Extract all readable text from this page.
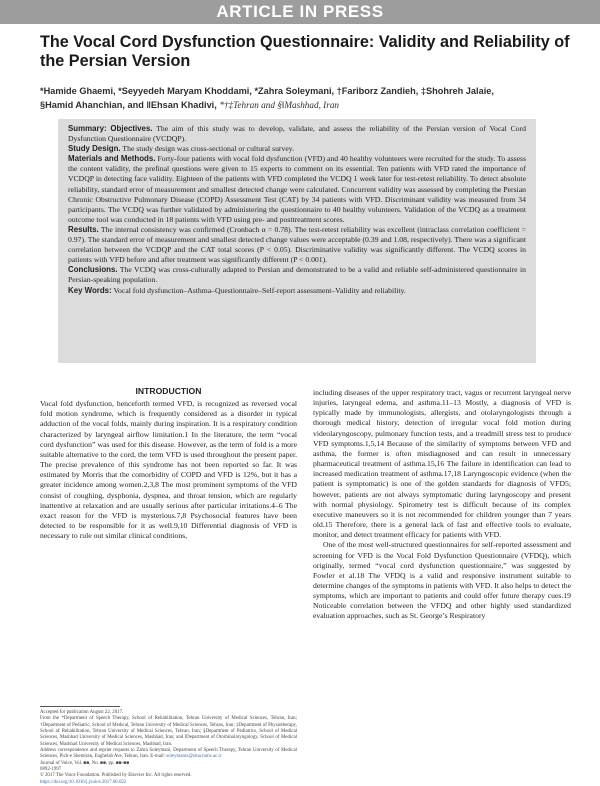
ARTICLE IN PRESS
The Vocal Cord Dysfunction Questionnaire: Validity and Reliability of the Persian Version
*Hamide Ghaemi, *Seyyedeh Maryam Khoddami, *Zahra Soleymani, †Fariborz Zandieh, ‡Shohreh Jalaie,
§Hamid Ahanchian, and ‖Ehsan Khadivi, *†‡Tehran and §‖Mashhad, Iran

Summary: Objectives. The aim of this study was to develop, validate, and assess the reliability of the Persian version of Vocal Cord Dysfunction Questionnaire (VCDQP).

Study Design. The study design was cross-sectional or cultural survey.

Materials and Methods. Forty-four patients with vocal fold dysfunction (VFD) and 40 healthy volunteers were recruited for the study. To assess the content validity, the prefinal questions were given to 15 experts to comment on its essential. Ten patients with VFD rated the importance of VCDQP in detecting face validity. Eighteen of the patients with VFD completed the VCDQ 1 week later for test-retest reliability. To detect absolute reliability, standard error of measurement and smallest detected change were calculated. Concurrent validity was assessed by completing the Persian Chronic Obstructive Pulmonary Disease (COPD) Assessment Test (CAT) by 34 patients with VFD. Discriminant validity was measured from 34 participants. The VCDQ was further validated by administering the questionnaire to 40 healthy volunteers. Validation of the VCDQ as a treatment outcome tool was conducted in 18 patients with VFD using pre- and posttreatment scores.

Results. The internal consistency was confirmed (Cronbach α = 0.78). The test-retest reliability was excellent (intraclass correlation coefficient = 0.97). The standard error of measurement and smallest detected change values were acceptable (0.39 and 1.08, respectively). There was a significant correlation between the VCDQP and the CAT total scores (P < 0.05). Discriminative validity was significantly different. The VCDQ scores in patients with VFD before and after treatment was significantly different (P < 0.001).

Conclusions. The VCDQ was cross-culturally adapted to Persian and demonstrated to be a valid and reliable self-administered questionnaire in Persian-speaking population.

Key Words: Vocal fold dysfunction–Asthma–Questionnaire–Self-report assessment–Validity and reliability.

INTRODUCTION

Vocal fold dysfunction, henceforth termed VFD, is recognized as reversed vocal fold motion syndrome, which is frequently considered as a disorder in typical adduction of the vocal folds, mainly during inspiration. It is a respiratory condition characterized by laryngeal airflow limitation.1 In the literature, the term “vocal cord dysfunction” was used for this disease. However, as the term of fold is a more suitable alternative to the cord, the term VFD is used throughout the present paper. The precise prevalence of this syndrome has not been reported so far. It was estimated by Morris that the comorbidity of COPD and VFD is 12%, but it has a greater incidence among women.2,3,8 The most prominent symptoms of the VFD consist of coughing, dysphonia, dyspnea, and throat tension, which are regularly inattentive at relaxation and are usually serious after particular irritations.4–6 The exact reason for the VFD is mysterious.7,8 Psychosocial features have been detected to be responsible for it as well.9,10 Differential diagnosis of VFD is necessary to rule out similar clinical conditions,

including diseases of the upper respiratory tract, vagus or recurrent laryngeal nerve injuries, laryngeal edema, and asthma.11–13 Mostly, a diagnosis of VFD is typically made by immunologists, allergists, and otolaryngologists through a thorough medical history, detection of irregular vocal fold motion during videolaryngoscopy, pulmonary function tests, and a treadmill stress test to produce VFD symptoms.1,5,14 Because of the similarity of symptoms between VFD and asthma, the former is often misdiagnosed and can result in unnecessary pharmaceutical treatment of asthma.15,16 The failure in identification can lead to increased medication treatment of asthma.17,18 Laryngoscopic evidence (when the patient is symptomatic) is one of the golden standards for diagnosis of VFD5; however, patients are not always symptomatic during laryngoscopy and present with normal physiology. Spirometry test is difficult because of its complex executive maneuvers so it is not recommended for children younger than 7 years old.15 Therefore, there is a general lack of fast and effective tools to evaluate, monitor, and detect treatment efficacy for patients with VFD.

One of the most well-structured questionnaires for self-reported assessment and screening for VFD is the Vocal Fold Dysfunction Questionnaire (VFDQ), which originally, termed “vocal cord dysfunction questionnaire,” was suggested by Fowler et al.18 The VFDQ is a valid and responsive instrument suitable to determine changes of the symptoms in patients with VFD. It also helps to detect the symptoms, which are important to patients and could offer future therapy cues.19 Noticeable correlation between the VFDQ and other highly used standardized evaluation approaches, such as St. George’s Respiratory

Accepted for publication August 22, 2017.

From the *Department of Speech Therapy, School of Rehabilitation, Tehran University of Medical Sciences, Tehran, Iran; †Department of Pediatric, School of Medical, Tehran University of Medical Sciences, Tehran, Iran; ‡Department of Physiotherapy, School of Rehabilitation, Tehran University of Medical Sciences, Tehran, Iran; §Department of Pediatrics, School of Medical Sciences, Mashhad University of Medical Sciences, Mashhad, Iran; and ‖Department of Otorhinolaryngology, School of Medical Sciences, Mashhad University of Medical Sciences, Mashhad, Iran.

Address correspondence and reprint requests to Zahra Soleymani, Department of Speech Therapy, Tehran University of Medical Sciences, Pich-e Shemiran, Enghelab Ave, Tehran, Iran. E-mail: soleymaniz@sina.tums.ac.ir

Journal of Voice, Vol. ■■, No. ■■, pp. ■■-■■

0892-1997

© 2017 The Voice Foundation. Published by Elsevier Inc. All rights reserved.

https://doi.org/10.1016/j.jvoice.2017.08.022
